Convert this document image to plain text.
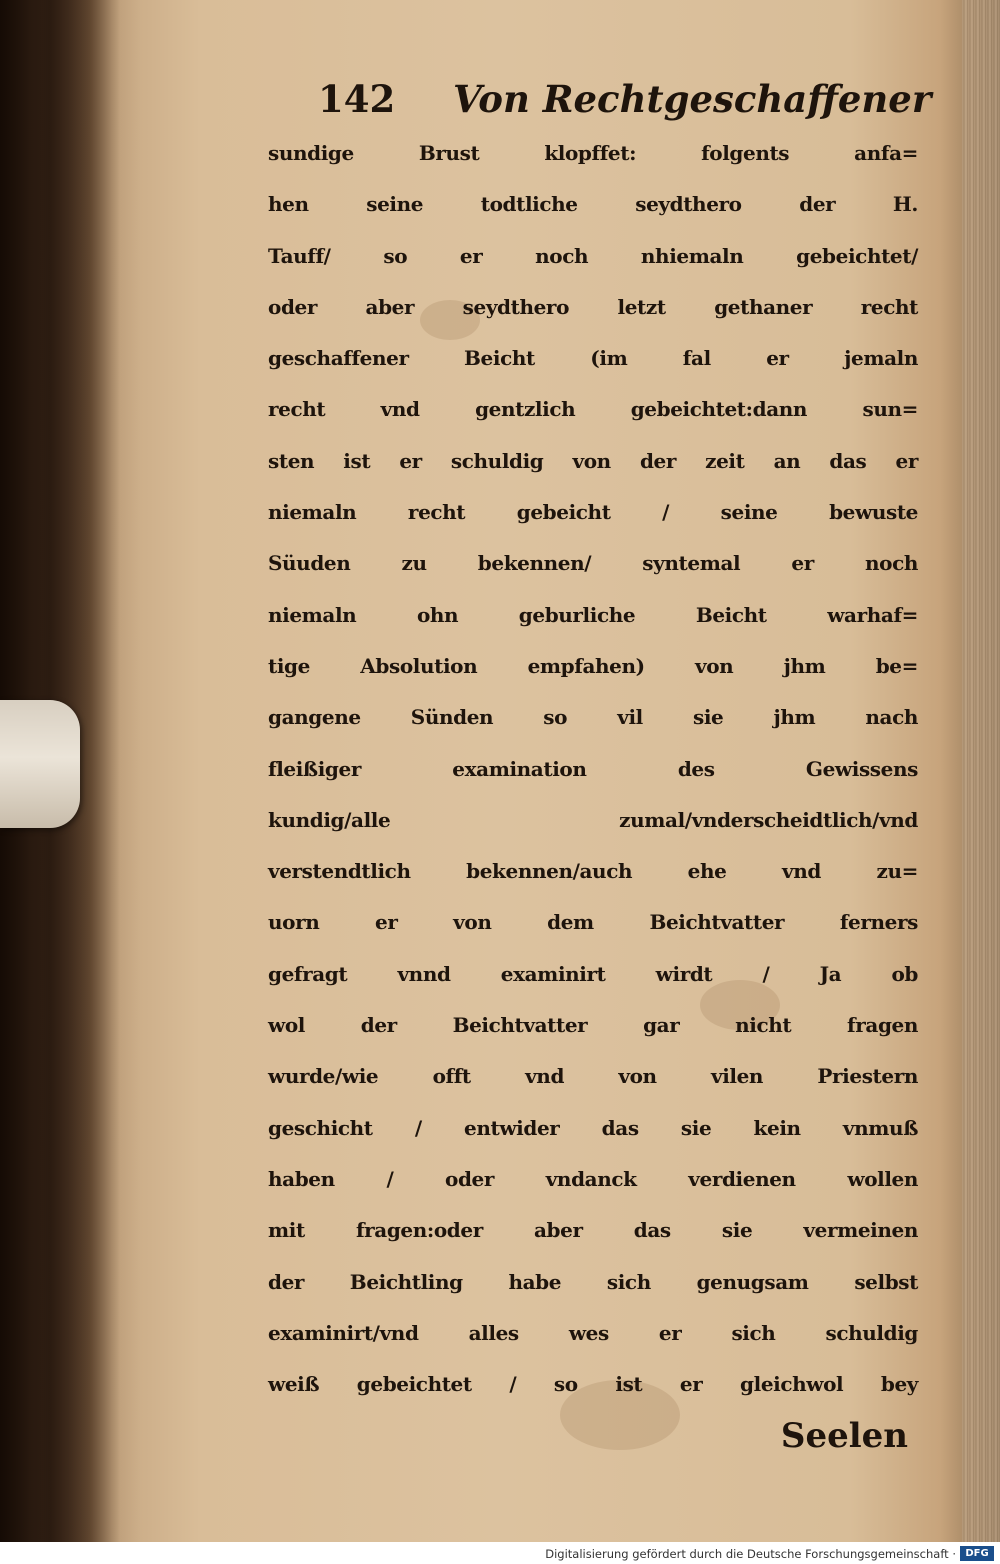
142 Von Rechtgeschaffener
sundige Brust klopffet: folgents anfa=
hen seine todtliche seydthero der H.
Tauff/ so er noch nhiemaln gebeichtet/
oder aber seydthero letzt gethaner recht
geschaffener Beicht (im fal er jemaln
recht vnd gentzlich gebeichtet:dann sun=
sten ist er schuldig von der zeit an das er
niemaln recht gebeicht / seine bewuste
Süuden zu bekennen/ syntemal er noch
niemaln ohn geburliche Beicht warhaf=
tige Absolution empfahen) von jhm be=
gangene Sünden so vil sie jhm nach
fleißiger examination des Gewissens
kundig/alle zumal/vnderscheidtlich/vnd
verstendtlich bekennen/auch ehe vnd zu=
uorn er von dem Beichtvatter ferners
gefragt vnnd examinirt wirdt / Ja ob
wol der Beichtvatter gar nicht fragen
wurde/wie offt vnd von vilen Priestern
geschicht / entwider das sie kein vnmuß
haben / oder vndanck verdienen wollen
mit fragen:oder aber das sie vermeinen
der Beichtling habe sich genugsam selbst
examinirt/vnd alles wes er sich schuldig
weiß gebeichtet / so ist er gleichwol bey
Seelen
Digitalisierung gefördert durch die Deutsche Forschungsgemeinschaft · DFG
